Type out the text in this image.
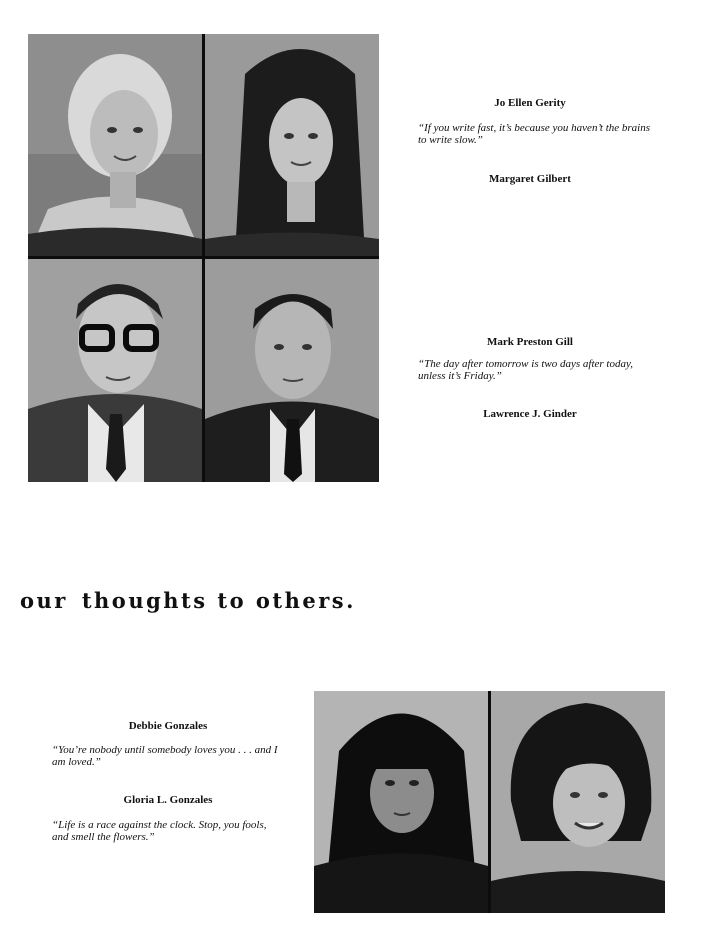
Jo Ellen Gerity
“If you write fast, it’s because you haven’t the brains to write slow.”
Margaret Gilbert
Mark Preston Gill
“The day after tomorrow is two days after today, unless it’s Friday.”
Lawrence J. Ginder
our thoughts to others.
Debbie Gonzales
“You’re nobody until somebody loves you . . . and I am loved.”
Gloria L. Gonzales
“Life is a race against the clock. Stop, you fools, and smell the flowers.”
